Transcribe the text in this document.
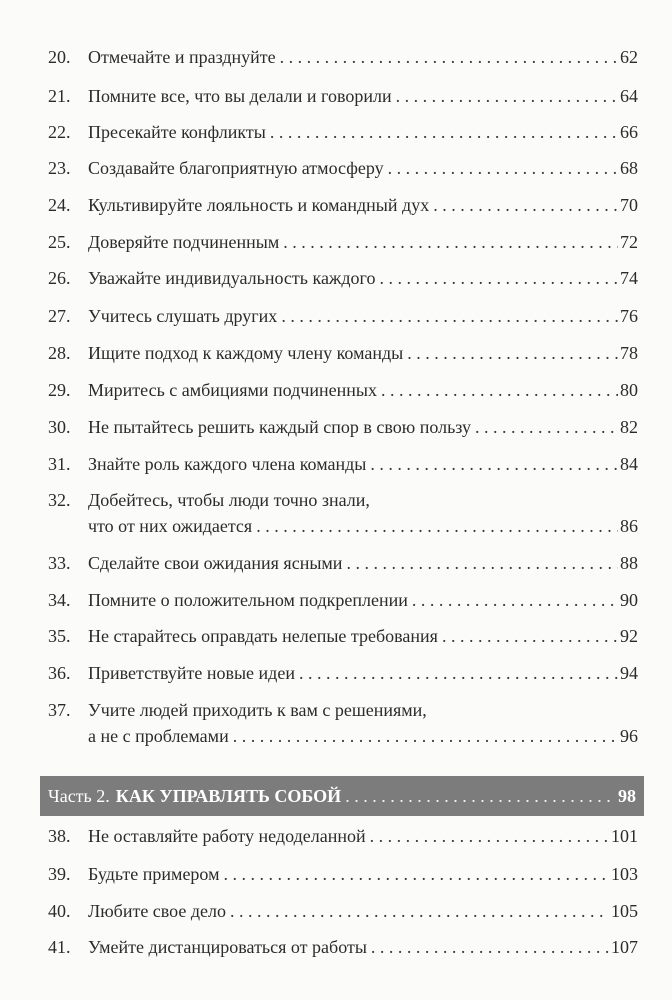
20. Отмечайте и празднуйте . . .	62
21. Помните все, что вы делали и говорили . . .	64
22. Пресекайте конфликты . . .	66
23. Создавайте благоприятную атмосферу . . .	68
24. Культивируйте лояльность и командный дух . . .	70
25. Доверяйте подчиненным . . .	72
26. Уважайте индивидуальность каждого . . .	74
27. Учитесь слушать других . . .	76
28. Ищите подход к каждому члену команды . . .	78
29. Миритесь с амбициями подчиненных . . .	80
30. Не пытайтесь решить каждый спор в свою пользу . . .	82
31. Знайте роль каждого члена команды . . .	84
32. Добейтесь, чтобы люди точно знали,
что от них ожидается . . .	86
33. Сделайте свои ожидания ясными . . .	88
34. Помните о положительном подкреплении . . .	90
35. Не старайтесь оправдать нелепые требования . . .	92
36. Приветствуйте новые идеи . . .	94
37. Учите людей приходить к вам с решениями,
а не с проблемами . . .	96
Часть 2. КАК УПРАВЛЯТЬ СОБОЙ . . .	98
38. Не оставляйте работу недоделанной . . .	101
39. Будьте примером . . .	103
40. Любите свое дело . . .	105
41. Умейте дистанцироваться от работы . . .	107
